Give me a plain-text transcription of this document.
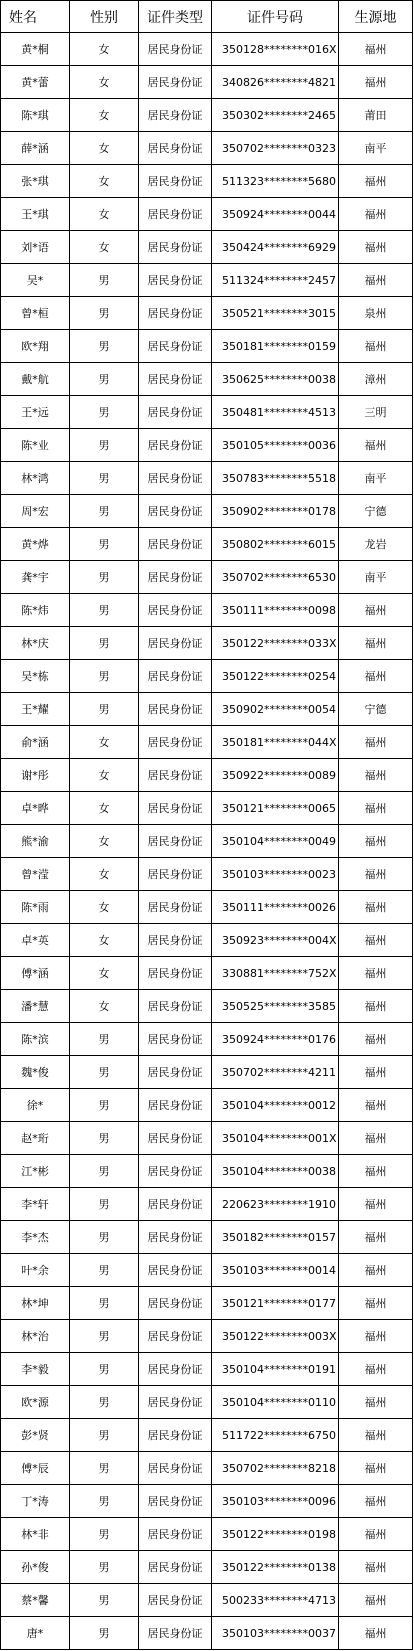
姓名	性别	证件类型	证件号码	生源地
黄*桐	女	居民身份证	350128********016X	福州
黄*蕾	女	居民身份证	340826********4821	福州
陈*琪	女	居民身份证	350302********2465	莆田
薛*涵	女	居民身份证	350702********0323	南平
张*琪	女	居民身份证	511323********5680	福州
王*琪	女	居民身份证	350924********0044	福州
刘*语	女	居民身份证	350424********6929	福州
吴*	男	居民身份证	511324********2457	福州
曾*桓	男	居民身份证	350521********3015	泉州
欧*翔	男	居民身份证	350181********0159	福州
戴*航	男	居民身份证	350625********0038	漳州
王*远	男	居民身份证	350481********4513	三明
陈*业	男	居民身份证	350105********0036	福州
林*鸿	男	居民身份证	350783********5518	南平
周*宏	男	居民身份证	350902********0178	宁德
黄*烨	男	居民身份证	350802********6015	龙岩
龚*宇	男	居民身份证	350702********6530	南平
陈*炜	男	居民身份证	350111********0098	福州
林*庆	男	居民身份证	350122********033X	福州
吴*栋	男	居民身份证	350122********0254	福州
王*耀	男	居民身份证	350902********0054	宁德
俞*涵	女	居民身份证	350181********044X	福州
谢*彤	女	居民身份证	350922********0089	福州
卓*晔	女	居民身份证	350121********0065	福州
熊*渝	女	居民身份证	350104********0049	福州
曾*滢	女	居民身份证	350103********0023	福州
陈*雨	女	居民身份证	350111********0026	福州
卓*英	女	居民身份证	350923********004X	福州
傅*涵	女	居民身份证	330881********752X	福州
潘*慧	女	居民身份证	350525********3585	福州
陈*滨	男	居民身份证	350924********0176	福州
魏*俊	男	居民身份证	350702********4211	福州
徐*	男	居民身份证	350104********0012	福州
赵*珩	男	居民身份证	350104********001X	福州
江*彬	男	居民身份证	350104********0038	福州
李*轩	男	居民身份证	220623********1910	福州
李*杰	男	居民身份证	350182********0157	福州
叶*余	男	居民身份证	350103********0014	福州
林*坤	男	居民身份证	350121********0177	福州
林*治	男	居民身份证	350122********003X	福州
李*毅	男	居民身份证	350104********0191	福州
欧*源	男	居民身份证	350104********0110	福州
彭*贤	男	居民身份证	511722********6750	福州
傅*辰	男	居民身份证	350702********8218	福州
丁*涛	男	居民身份证	350103********0096	福州
林*非	男	居民身份证	350122********0198	福州
孙*俊	男	居民身份证	350122********0138	福州
蔡*馨	男	居民身份证	500233********4713	福州
唐*	男	居民身份证	350103********0037	福州
